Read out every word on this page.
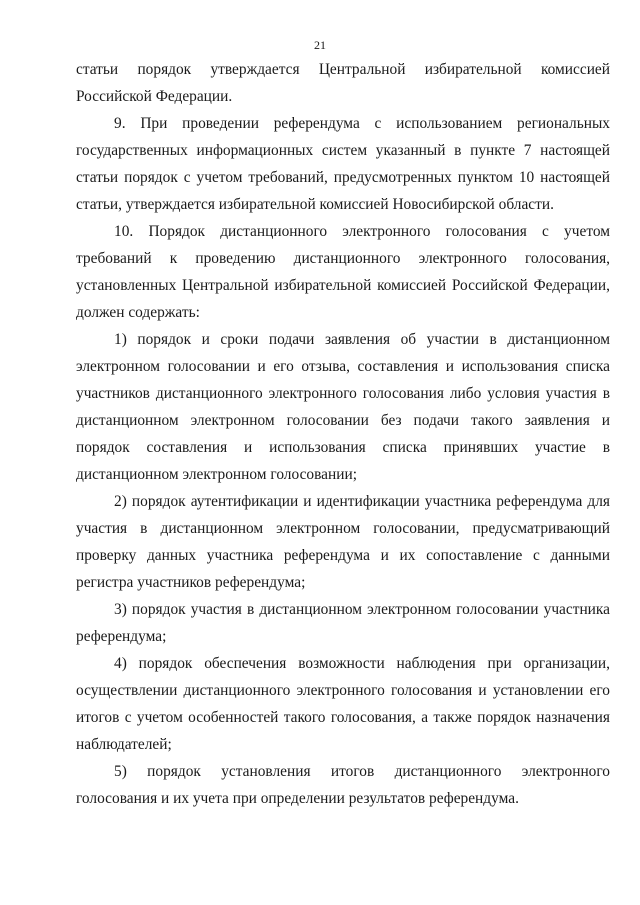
21

статьи порядок утверждается Центральной избирательной комиссией Российской Федерации.

9. При проведении референдума с использованием региональных государственных информационных систем указанный в пункте 7 настоящей статьи порядок с учетом требований, предусмотренных пунктом 10 настоящей статьи, утверждается избирательной комиссией Новосибирской области.

10. Порядок дистанционного электронного голосования с учетом требований к проведению дистанционного электронного голосования, установленных Центральной избирательной комиссией Российской Федерации, должен содержать:

1) порядок и сроки подачи заявления об участии в дистанционном электронном голосовании и его отзыва, составления и использования списка участников дистанционного электронного голосования либо условия участия в дистанционном электронном голосовании без подачи такого заявления и порядок составления и использования списка принявших участие в дистанционном электронном голосовании;

2) порядок аутентификации и идентификации участника референдума для участия в дистанционном электронном голосовании, предусматривающий проверку данных участника референдума и их сопоставление с данными регистра участников референдума;

3) порядок участия в дистанционном электронном голосовании участника референдума;

4) порядок обеспечения возможности наблюдения при организации, осуществлении дистанционного электронного голосования и установлении его итогов с учетом особенностей такого голосования, а также порядок назначения наблюдателей;

5) порядок установления итогов дистанционного электронного голосования и их учета при определении результатов референдума.
